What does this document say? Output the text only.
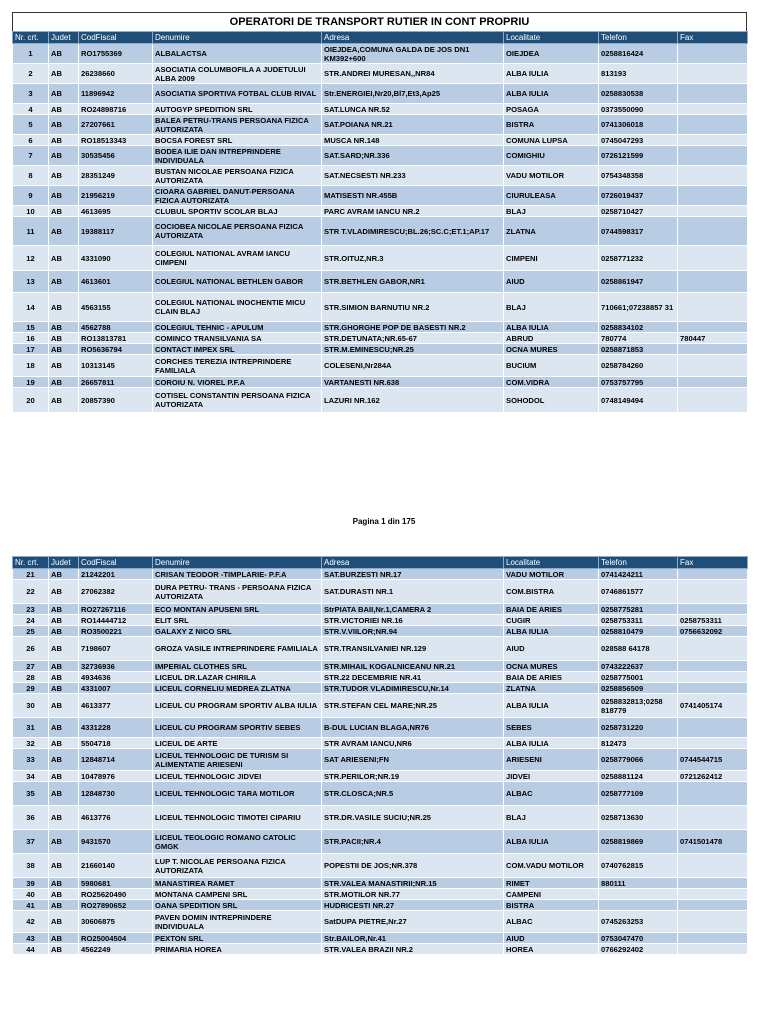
OPERATORI DE TRANSPORT RUTIER IN CONT PROPRIU
Nr. crt.	Judet	CodFiscal	Denumire	Adresa	Localitate	Telefon	Fax
1	AB	RO1755369	ALBALACTSA	OIEJDEA,COMUNA GALDA DE JOS DN1 KM392+600	OIEJDEA	0258816424	
2	AB	26238660	ASOCIATIA COLUMBOFILA A JUDETULUI ALBA 2009	STR.ANDREI MURESAN,,NR84	ALBA IULIA	813193	
3	AB	11896942	ASOCIATIA SPORTIVA FOTBAL CLUB RIVAL	Str.ENERGIEI,Nr20,Bl7,Et3,Ap25	ALBA IULIA	0258830538	
4	AB	RO24898716	AUTOGYP SPEDITION SRL	SAT.LUNCA NR.52	POSAGA	0373550090	
5	AB	27207661	BALEA PETRU-TRANS PERSOANA FIZICA AUTORIZATA	SAT.POIANA NR.21	BISTRA	0741306018	
6	AB	RO18513343	BOCSA FOREST SRL	MUSCA NR.148	COMUNA LUPSA	0745047293	
7	AB	30535456	BODEA ILIE DAN INTREPRINDERE INDIVIDUALA	SAT.SARD;NR.336	COMIGHIU	0726121599	
8	AB	28351249	BUSTAN NICOLAE PERSOANA FIZICA AUTORIZATA	SAT.NECSESTI NR.233	VADU MOTILOR	0754348358	
9	AB	21956219	CIOARA GABRIEL DANUT-PERSOANA FIZICA AUTORIZATA	MATISESTI NR.455B	CIURULEASA	0726019437	
10	AB	4613695	CLUBUL SPORTIV SCOLAR BLAJ	PARC AVRAM IANCU NR.2	BLAJ	0258710427	
11	AB	19388117	COCIOBEA NICOLAE PERSOANA FIZICA AUTORIZATA	STR T.VLADIMIRESCU;BL.26;SC.C;ET.1;AP.17	ZLATNA	0744598317	
12	AB	4331090	COLEGIUL NATIONAL AVRAM IANCU CIMPENI	STR.OITUZ,NR.3	CIMPENI	0258771232	
13	AB	4613601	COLEGIUL NATIONAL BETHLEN GABOR	STR.BETHLEN GABOR,NR1	AIUD	0258861947	
14	AB	4563155	COLEGIUL NATIONAL INOCHENTIE MICU CLAIN BLAJ	STR.SIMION BARNUTIU NR.2	BLAJ	710661;07238857 31	
15	AB	4562788	COLEGIUL TEHNIC - APULUM	STR.GHORGHE POP DE BASESTI NR.2	ALBA IULIA	0258834102	
16	AB	RO13813781	COMINCO TRANSILVANIA SA	STR.DETUNATA;NR.65-67	ABRUD	780774	780447
17	AB	RO5636794	CONTACT IMPEX SRL	STR.M.EMINESCU;NR.25	OCNA MURES	0258871853	
18	AB	10313145	CORCHES TEREZIA INTREPRINDERE FAMILIALA	COLESENI,Nr284A	BUCIUM	0258784260	
19	AB	26657811	COROIU N. VIOREL P.F.A	VARTANESTI NR.638	COM.VIDRA	0753757795	
20	AB	20857390	COTISEL CONSTANTIN PERSOANA FIZICA AUTORIZATA	LAZURI NR.162	SOHODOL	0748149494	
Pagina 1 din 175
Nr. crt.	Judet	CodFiscal	Denumire	Adresa	Localitate	Telefon	Fax
21	AB	21242201	CRISAN TEODOR -TIMPLARIE- P.F.A	SAT.BURZESTI NR.17	VADU MOTILOR	0741424211	
22	AB	27062382	DURA PETRU- TRANS - PERSOANA FIZICA AUTORIZATA	SAT.DURASTI NR.1	COM.BISTRA	0746861577	
23	AB	RO27267116	ECO MONTAN APUSENI SRL	StrPIATA BAII,Nr.1,CAMERA 2	BAIA DE ARIES	0258775281	
24	AB	RO14444712	ELIT SRL	STR.VICTORIEI NR.16	CUGIR	0258753311	0258753311
25	AB	RO3500221	GALAXY Z NICO SRL	STR.V.VIILOR;NR.94	ALBA IULIA	0258810479	0756632092
26	AB	7198607	GROZA VASILE INTREPRINDERE FAMILIALA	STR.TRANSILVANIEI NR.129	AIUD	028588 64178	
27	AB	32736936	IMPERIAL CLOTHES SRL	STR.MIHAIL KOGALNICEANU NR.21	OCNA MURES	0743222637	
28	AB	4934636	LICEUL DR.LAZAR CHIRILA	STR.22 DECEMBRIE NR.41	BAIA DE ARIES	0258775001	
29	AB	4331007	LICEUL CORNELIU MEDREA ZLATNA	STR.TUDOR VLADIMIRESCU,Nr.14	ZLATNA	0258856509	
30	AB	4613377	LICEUL CU PROGRAM SPORTIV ALBA IULIA	STR.STEFAN CEL MARE;NR.25	ALBA IULIA	0258832813;0258 818779	0741405174
31	AB	4331228	LICEUL CU PROGRAM SPORTIV SEBES	B-DUL LUCIAN BLAGA,NR76	SEBES	0258731220	
32	AB	5504718	LICEUL DE ARTE	STR AVRAM IANCU,NR6	ALBA IULIA	812473	
33	AB	12848714	LICEUL TEHNOLOGIC DE TURISM SI ALIMENTATIE ARIESENI	SAT ARIESENI;FN	ARIESENI	0258779066	0744544715
34	AB	10478976	LICEUL TEHNOLOGIC JIDVEI	STR.PERILOR;NR.19	JIDVEI	0258881124	0721262412
35	AB	12848730	LICEUL TEHNOLOGIC TARA MOTILOR	STR.CLOSCA;NR.5	ALBAC	0258777109	
36	AB	4613776	LICEUL TEHNOLOGIC TIMOTEI CIPARIU	STR.DR.VASILE SUCIU;NR.25	BLAJ	0258713630	
37	AB	9431570	LICEUL TEOLOGIC ROMANO CATOLIC GMGK	STR.PACII;NR.4	ALBA IULIA	0258819869	0741501478
38	AB	21660140	LUP T. NICOLAE PERSOANA FIZICA AUTORIZATA	POPESTII DE JOS;NR.378	COM.VADU MOTILOR	0740762815	
39	AB	5980681	MANASTIREA RAMET	STR.VALEA MANASTIRII;NR.15	RIMET	880111	
40	AB	RO25620490	MONTANA CAMPENI SRL	STR.MOTILOR NR.77	CAMPENI		
41	AB	RO27890652	OANA SPEDITION SRL	HUDRICESTI NR.27	BISTRA		
42	AB	30606875	PAVEN DOMIN INTREPRINDERE INDIVIDUALA	SatDUPA PIETRE,Nr.27	ALBAC	0745263253	
43	AB	RO25004504	PEXTON SRL	Str.BAILOR,Nr.41	AIUD	0753047470	
44	AB	4562249	PRIMARIA HOREA	STR.VALEA BRAZII NR.2	HOREA	0766292402	
